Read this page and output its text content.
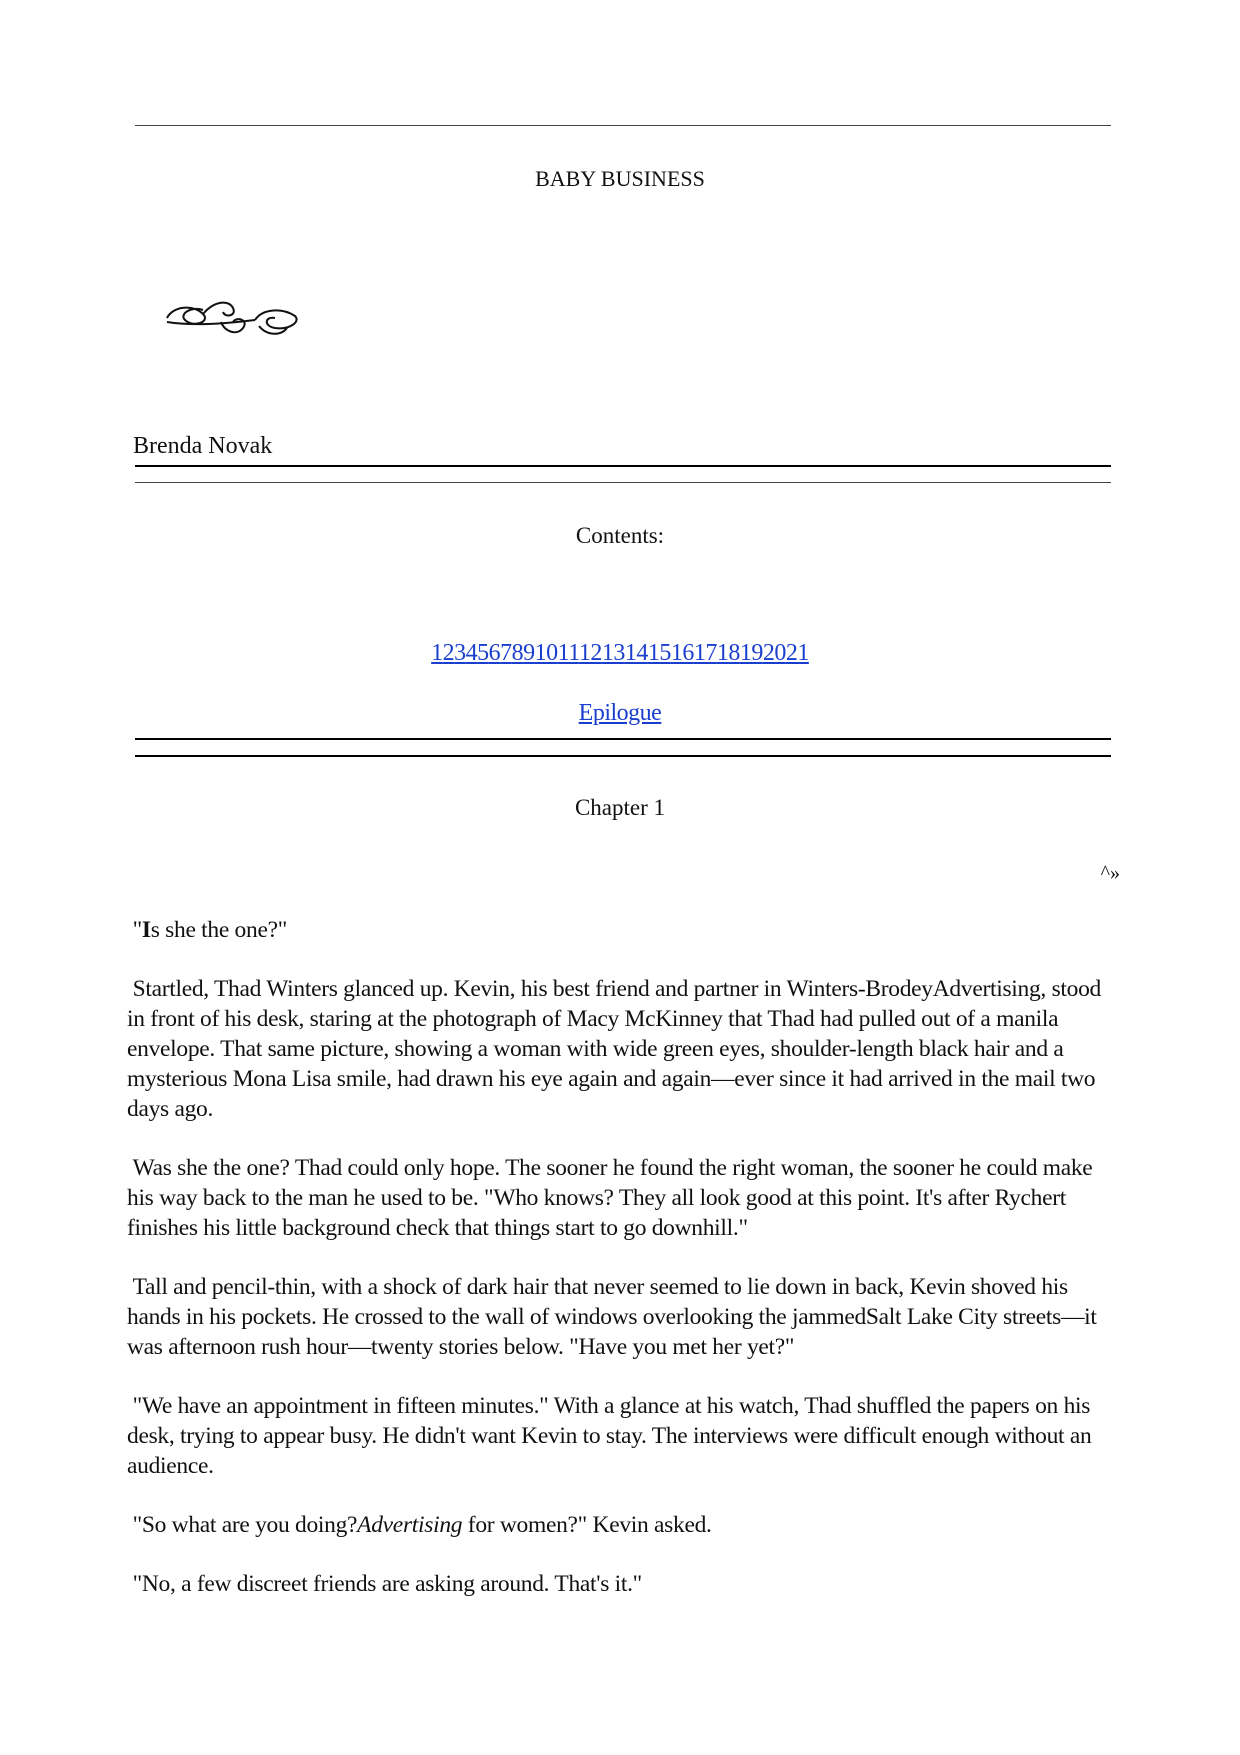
BABY BUSINESS
Brenda Novak
Contents:
123456789101112131415161718192021
Epilogue
Chapter 1
^»
"Is she the one?"
Startled, Thad Winters glanced up. Kevin, his best friend and partner in Winters-BrodeyAdvertising, stood in front of his desk, staring at the photograph of Macy McKinney that Thad had pulled out of a manila envelope. That same picture, showing a woman with wide green eyes, shoulder-length black hair and a mysterious Mona Lisa smile, had drawn his eye again and again—ever since it had arrived in the mail two days ago.
Was she the one? Thad could only hope. The sooner he found the right woman, the sooner he could make his way back to the man he used to be. "Who knows? They all look good at this point. It's after Rychert finishes his little background check that things start to go downhill."
Tall and pencil-thin, with a shock of dark hair that never seemed to lie down in back, Kevin shoved his hands in his pockets. He crossed to the wall of windows overlooking the jammedSalt Lake City streets—it was afternoon rush hour—twenty stories below. "Have you met her yet?"
"We have an appointment in fifteen minutes." With a glance at his watch, Thad shuffled the papers on his desk, trying to appear busy. He didn't want Kevin to stay. The interviews were difficult enough without an audience.
"So what are you doing?Advertising for women?" Kevin asked.
"No, a few discreet friends are asking around. That's it."
